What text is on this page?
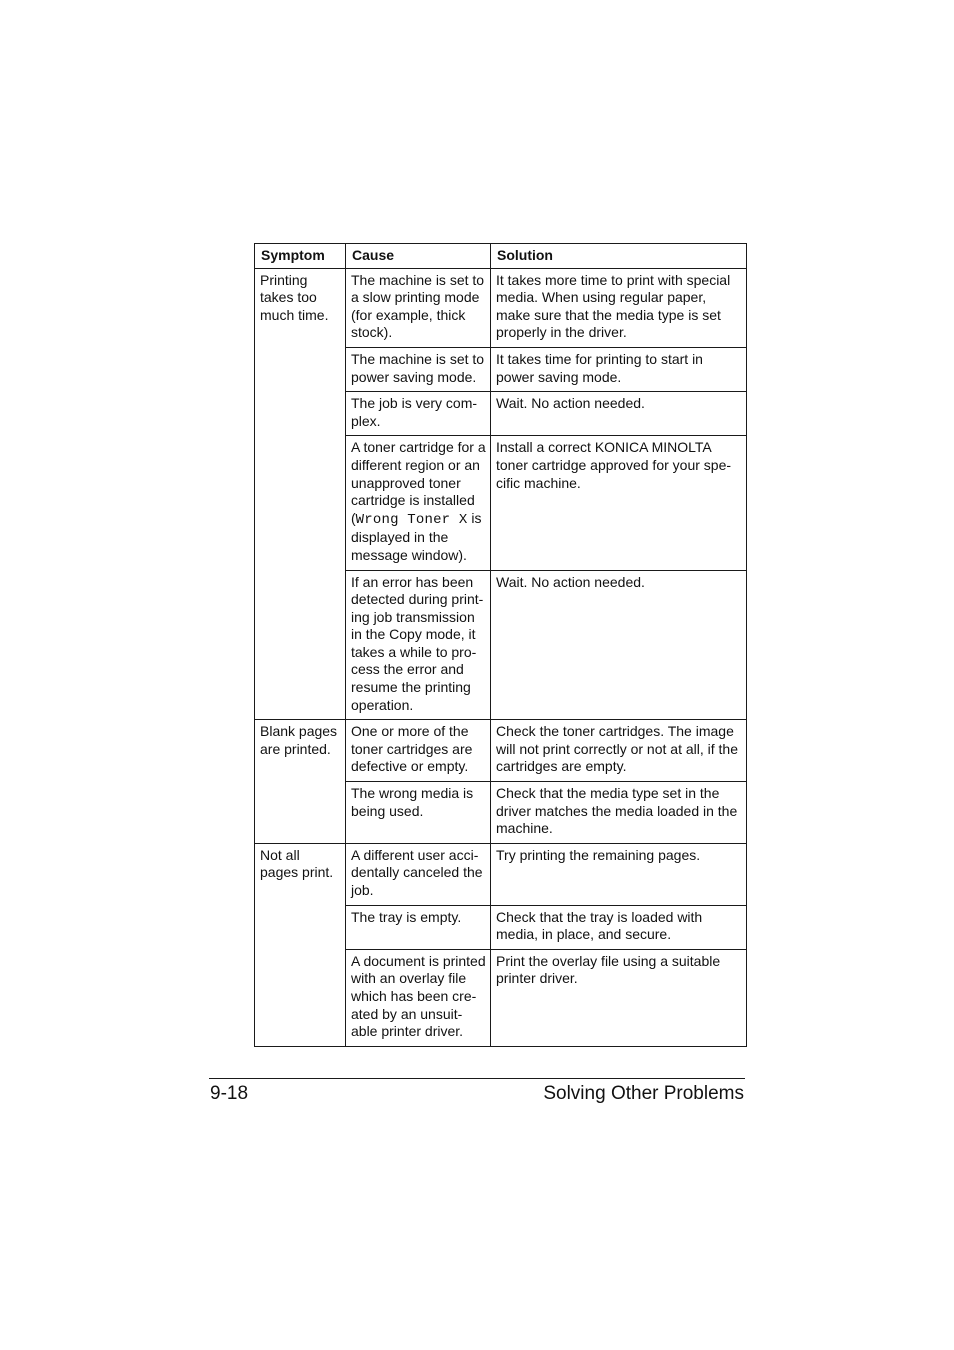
Symptom	Cause	Solution
Printing takes too much time.	The machine is set to a slow printing mode (for example, thick stock).	It takes more time to print with special media. When using regular paper, make sure that the media type is set properly in the driver.
	The machine is set to power saving mode.	It takes time for printing to start in power saving mode.
	The job is very com-plex.	Wait. No action needed.
	A toner cartridge for a different region or an unapproved toner cartridge is installed (Wrong Toner X is displayed in the message window).	Install a correct KONICA MINOLTA toner cartridge approved for your spe-cific machine.
	If an error has been detected during print-ing job transmission in the Copy mode, it takes a while to pro-cess the error and resume the printing operation.	Wait. No action needed.
Blank pages are printed.	One or more of the toner cartridges are defective or empty.	Check the toner cartridges. The image will not print correctly or not at all, if the cartridges are empty.
	The wrong media is being used.	Check that the media type set in the driver matches the media loaded in the machine.
Not all pages print.	A different user acci-dentally canceled the job.	Try printing the remaining pages.
	The tray is empty.	Check that the tray is loaded with media, in place, and secure.
	A document is printed with an overlay file which has been cre-ated by an unsuit-able printer driver.	Print the overlay file using a suitable printer driver.
9-18	Solving Other Problems
